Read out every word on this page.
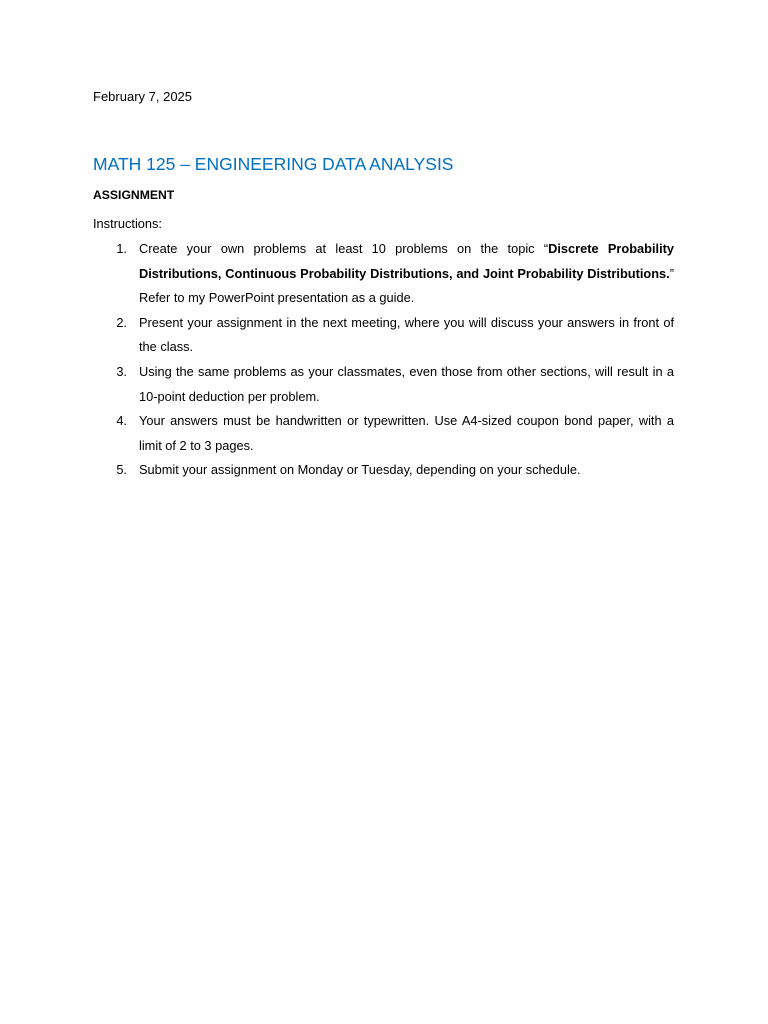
February 7, 2025
MATH 125 – ENGINEERING DATA ANALYSIS
ASSIGNMENT
Instructions:
1. Create your own problems at least 10 problems on the topic “Discrete Probability Distributions, Continuous Probability Distributions, and Joint Probability Distributions.” Refer to my PowerPoint presentation as a guide.
2. Present your assignment in the next meeting, where you will discuss your answers in front of the class.
3. Using the same problems as your classmates, even those from other sections, will result in a 10-point deduction per problem.
4. Your answers must be handwritten or typewritten. Use A4-sized coupon bond paper, with a limit of 2 to 3 pages.
5. Submit your assignment on Monday or Tuesday, depending on your schedule.
